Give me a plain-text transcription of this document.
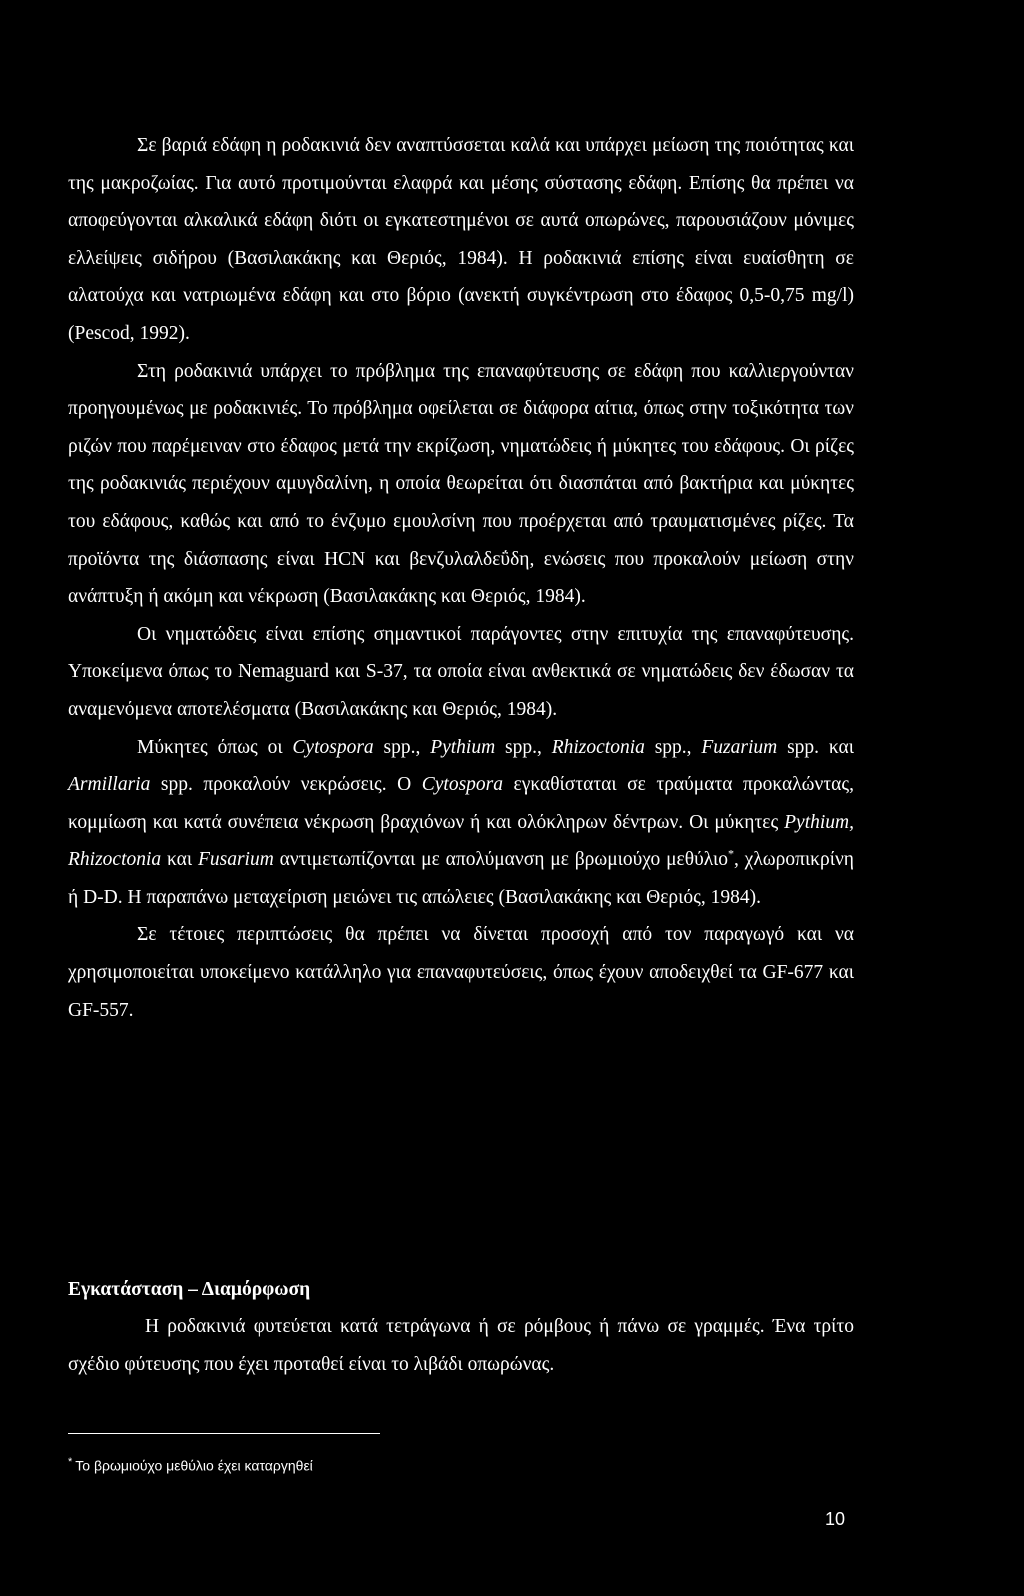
Σε βαριά εδάφη η ροδακινιά δεν αναπτύσσεται καλά και υπάρχει μείωση της ποιότητας και της μακροζωίας. Για αυτό προτιμούνται ελαφρά και μέσης σύστασης εδάφη. Επίσης θα πρέπει να αποφεύγονται αλκαλικά εδάφη διότι οι εγκατεστημένοι σε αυτά οπωρώνες, παρουσιάζουν μόνιμες ελλείψεις σιδήρου (Βασιλακάκης και Θεριός, 1984). Η ροδακινιά επίσης είναι ευαίσθητη σε αλατούχα και νατριωμένα εδάφη και στο βόριο (ανεκτή συγκέντρωση στο έδαφος 0,5-0,75 mg/l) (Pescod, 1992).

Στη ροδακινιά υπάρχει το πρόβλημα της επαναφύτευσης σε εδάφη που καλλιεργούνταν προηγουμένως με ροδακινιές. Το πρόβλημα οφείλεται σε διάφορα αίτια, όπως στην τοξικότητα των ριζών που παρέμειναν στο έδαφος μετά την εκρίζωση, νηματώδεις ή μύκητες του εδάφους. Οι ρίζες της ροδακινιάς περιέχουν αμυγδαλίνη, η οποία θεωρείται ότι διασπάται από βακτήρια και μύκητες του εδάφους, καθώς και από το ένζυμο εμουλσίνη που προέρχεται από τραυματισμένες ρίζες. Τα προϊόντα της διάσπασης είναι HCN και βενζυλαλδεΰδη, ενώσεις που προκαλούν μείωση στην ανάπτυξη ή ακόμη και νέκρωση (Βασιλακάκης και Θεριός, 1984).

Οι νηματώδεις είναι επίσης σημαντικοί παράγοντες στην επιτυχία της επαναφύτευσης. Υποκείμενα όπως το Nemaguard και S-37, τα οποία είναι ανθεκτικά σε νηματώδεις δεν έδωσαν τα αναμενόμενα αποτελέσματα (Βασιλακάκης και Θεριός, 1984).

Μύκητες όπως οι Cytospora spp., Pythium spp., Rhizoctonia spp., Fuzarium spp. και Armillaria spp. προκαλούν νεκρώσεις. Ο Cytospora εγκαθίσταται σε τραύματα προκαλώντας, κομμίωση και κατά συνέπεια νέκρωση βραχιόνων ή και ολόκληρων δέντρων. Οι μύκητες Pythium, Rhizoctonia και Fusarium αντιμετωπίζονται με απολύμανση με βρωμιούχο μεθύλιο*, χλωροπικρίνη ή D-D. Η παραπάνω μεταχείριση μειώνει τις απώλειες (Βασιλακάκης και Θεριός, 1984).

Σε τέτοιες περιπτώσεις θα πρέπει να δίνεται προσοχή από τον παραγωγό και να χρησιμοποιείται υποκείμενο κατάλληλο για επαναφυτεύσεις, όπως έχουν αποδειχθεί τα GF-677 και GF-557.

Εγκατάσταση – Διαμόρφωση

Η ροδακινιά φυτεύεται κατά τετράγωνα ή σε ρόμβους ή πάνω σε γραμμές. Ένα τρίτο σχέδιο φύτευσης που έχει προταθεί είναι το λιβάδι οπωρώνας.

* Το βρωμιούχο μεθύλιο έχει καταργηθεί
10
